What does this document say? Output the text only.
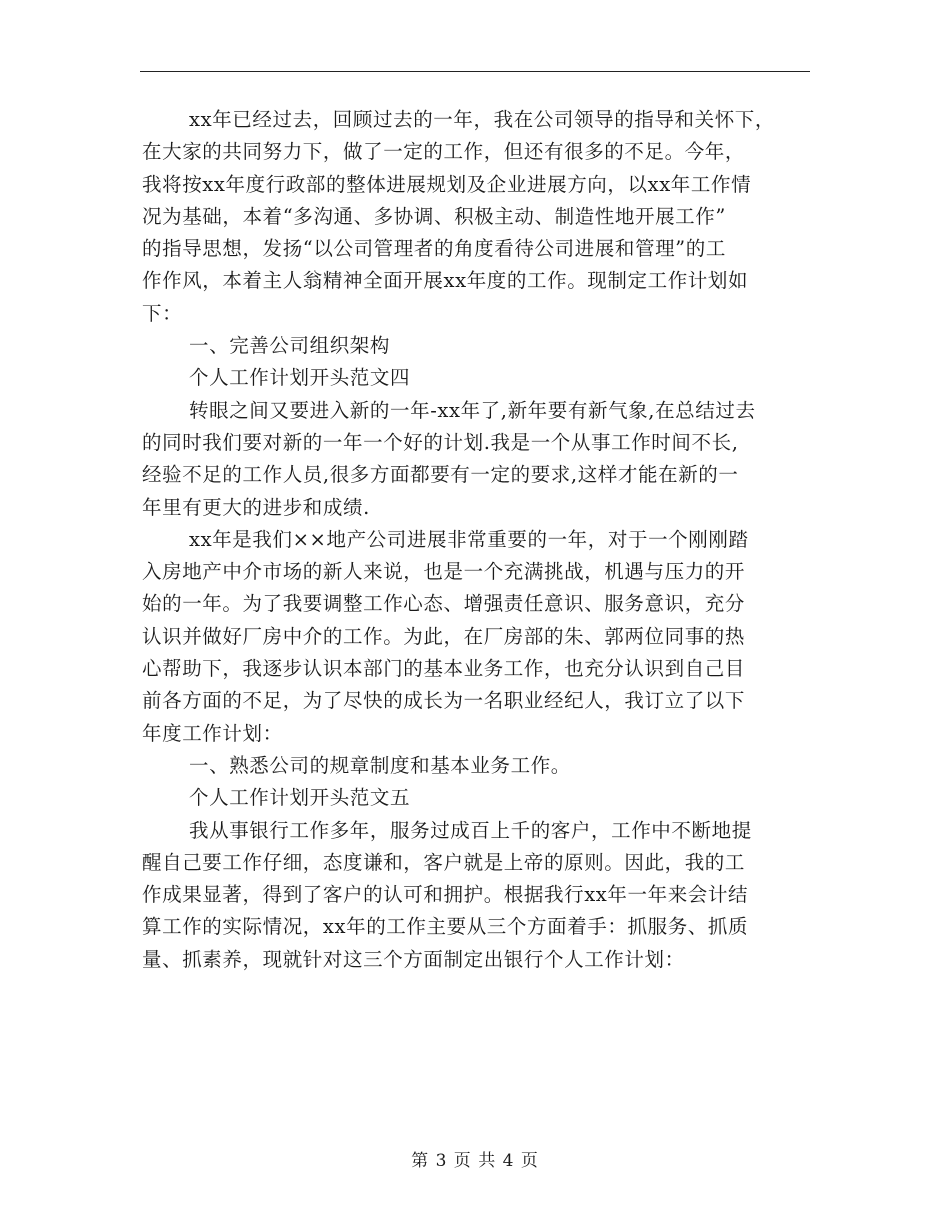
xx年已经过去，回顾过去的一年，我在公司领导的指导和关怀下，
在大家的共同努力下，做了一定的工作，但还有很多的不足。今年，
我将按xx年度行政部的整体进展规划及企业进展方向，以xx年工作情
况为基础，本着“多沟通、多协调、积极主动、制造性地开展工作”
的指导思想，发扬“以公司管理者的角度看待公司进展和管理”的工
作作风，本着主人翁精神全面开展xx年度的工作。现制定工作计划如
下：
一、完善公司组织架构
个人工作计划开头范文四
转眼之间又要进入新的一年-xx年了,新年要有新气象,在总结过去
的同时我们要对新的一年一个好的计划.我是一个从事工作时间不长,
经验不足的工作人员,很多方面都要有一定的要求,这样才能在新的一
年里有更大的进步和成绩.
xx年是我们××地产公司进展非常重要的一年，对于一个刚刚踏
入房地产中介市场的新人来说，也是一个充满挑战，机遇与压力的开
始的一年。为了我要调整工作心态、增强责任意识、服务意识，充分
认识并做好厂房中介的工作。为此，在厂房部的朱、郭两位同事的热
心帮助下，我逐步认识本部门的基本业务工作，也充分认识到自己目
前各方面的不足，为了尽快的成长为一名职业经纪人，我订立了以下
年度工作计划：
一、熟悉公司的规章制度和基本业务工作。
个人工作计划开头范文五
我从事银行工作多年，服务过成百上千的客户，工作中不断地提
醒自己要工作仔细，态度谦和，客户就是上帝的原则。因此，我的工
作成果显著，得到了客户的认可和拥护。根据我行xx年一年来会计结
算工作的实际情况，xx年的工作主要从三个方面着手：抓服务、抓质
量、抓素养，现就针对这三个方面制定出银行个人工作计划：
第 3 页 共 4 页
